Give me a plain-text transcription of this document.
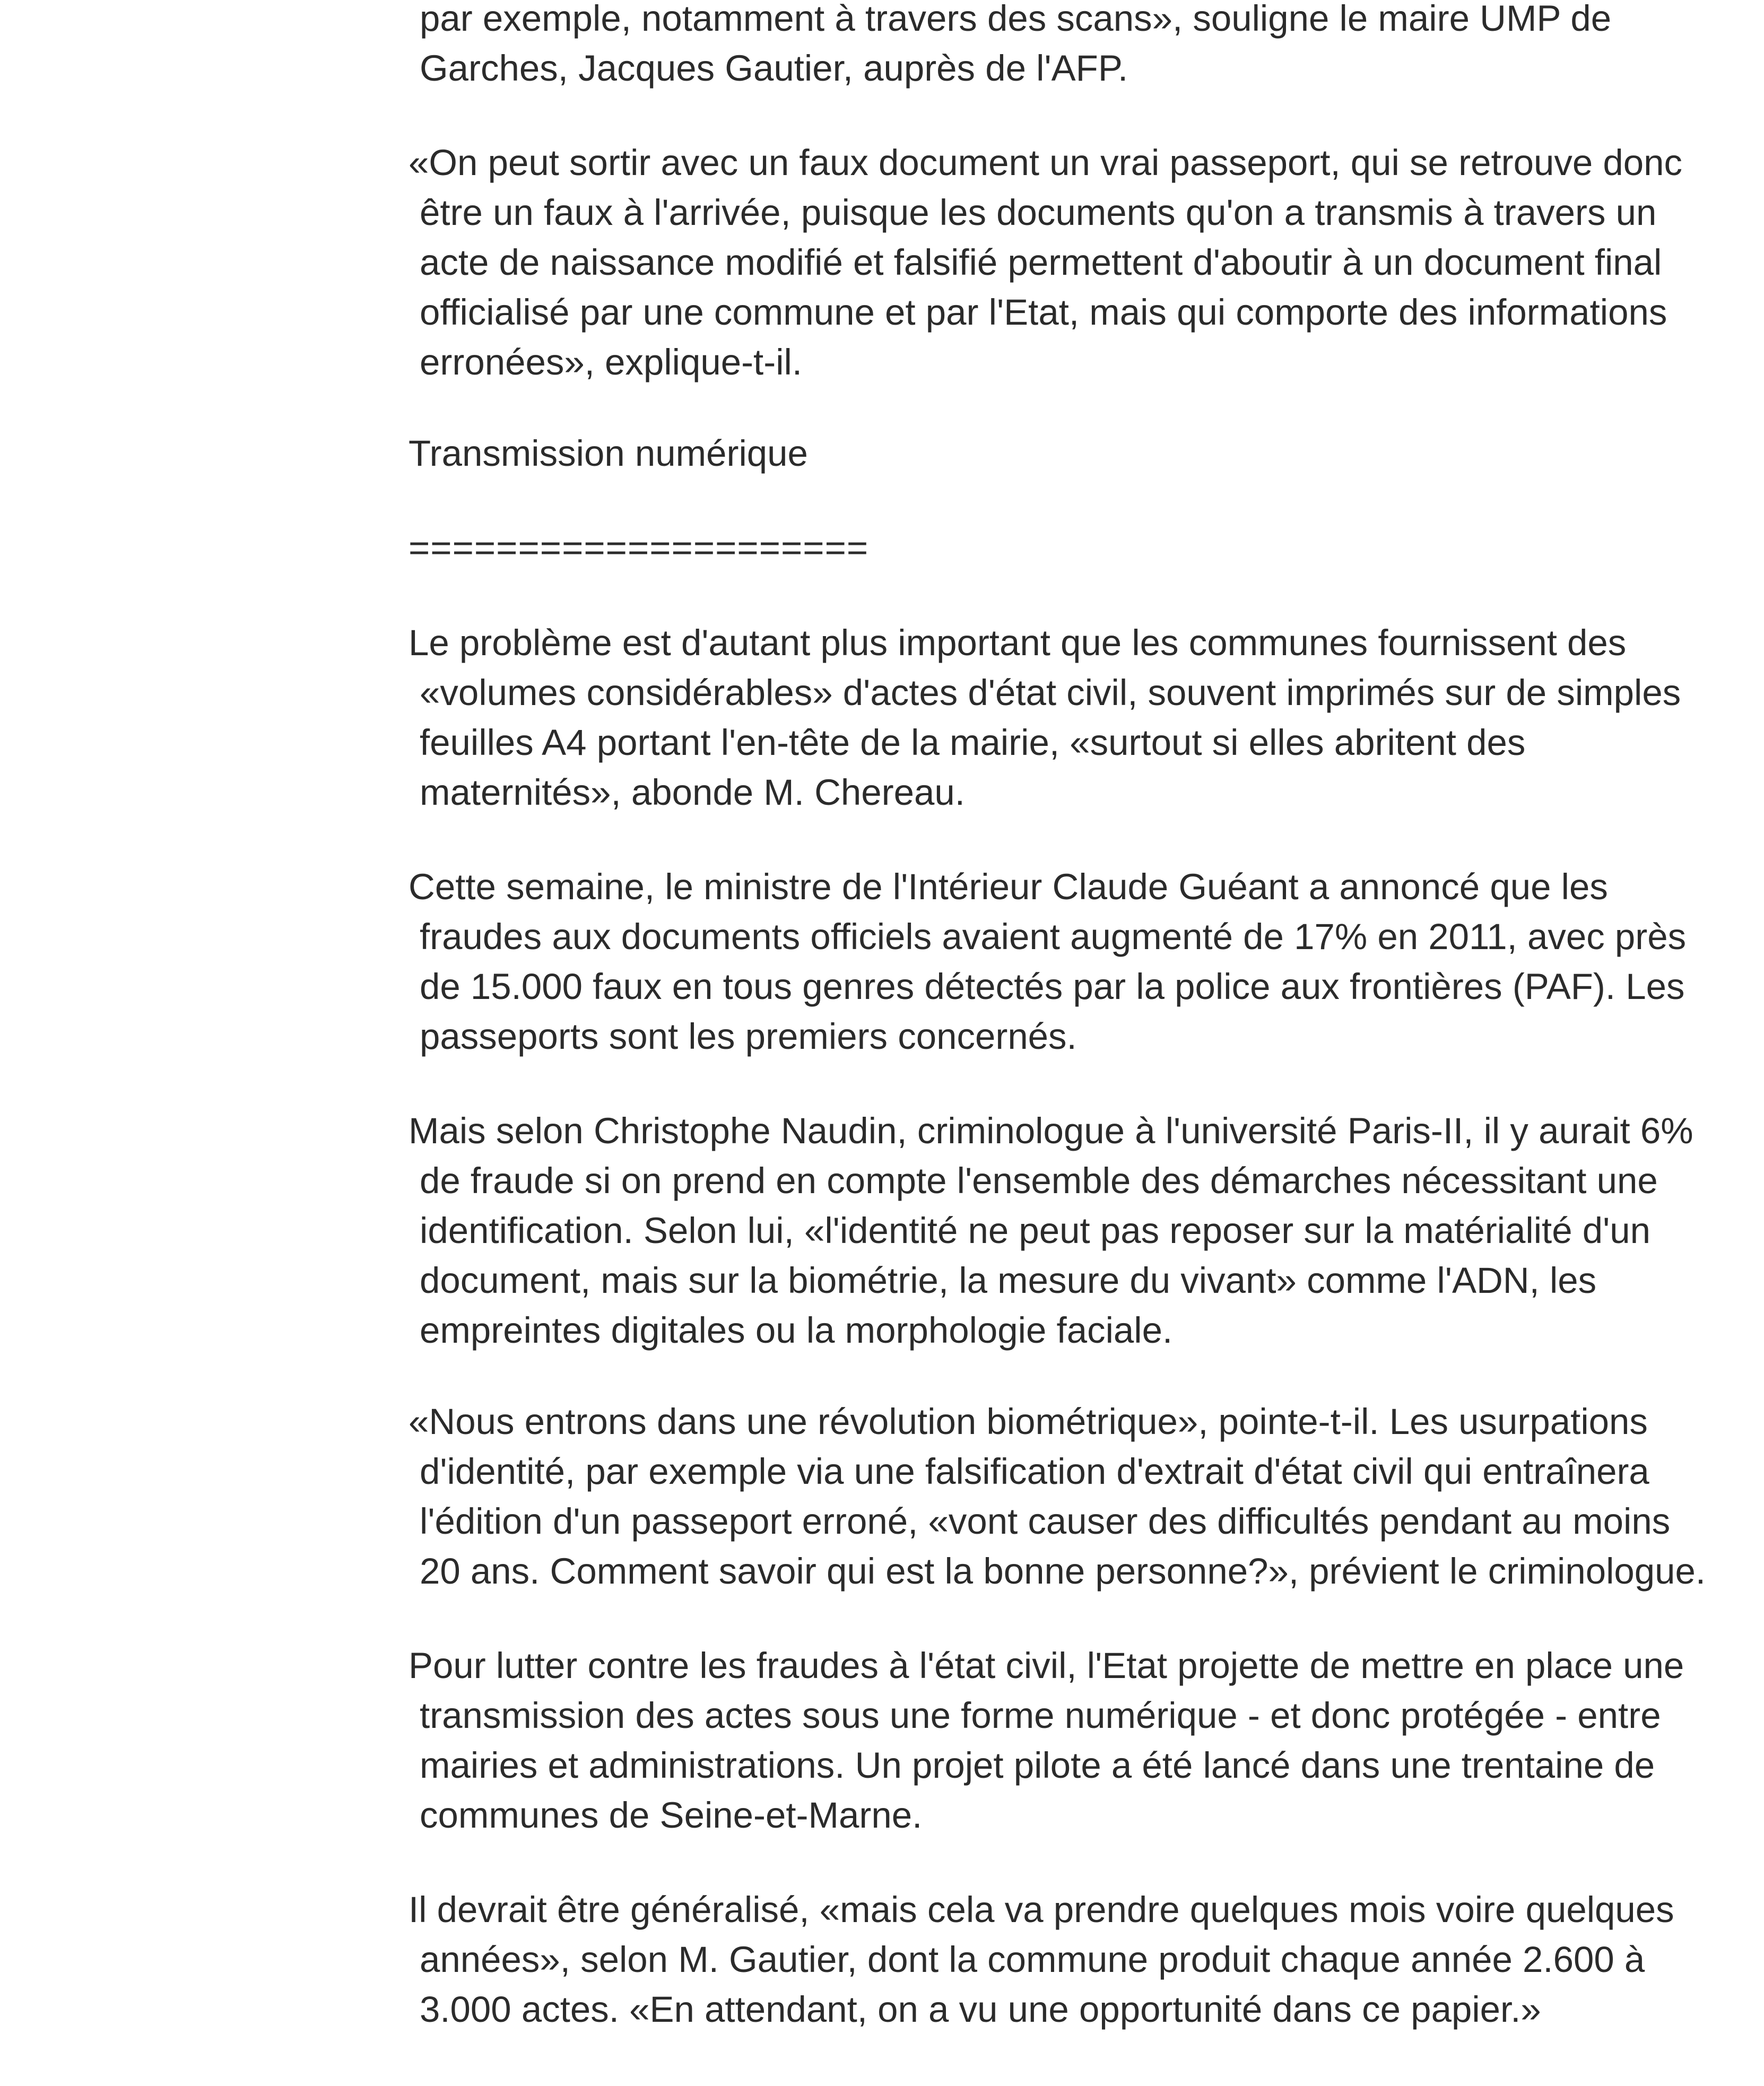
par exemple, notamment à travers des scans», souligne le maire UMP de
Garches, Jacques Gautier, auprès de l'AFP.
«On peut sortir avec un faux document un vrai passeport, qui se retrouve donc
être un faux à l'arrivée, puisque les documents qu'on a transmis à travers un
acte de naissance modifié et falsifié permettent d'aboutir à un document final
officialisé par une commune et par l'Etat, mais qui comporte des informations
erronées», explique-t-il.
Transmission numérique
=====================
Le problème est d'autant plus important que les communes fournissent des
«volumes considérables» d'actes d'état civil, souvent imprimés sur de simples
feuilles A4 portant l'en-tête de la mairie, «surtout si elles abritent des
maternités», abonde M. Chereau.
Cette semaine, le ministre de l'Intérieur Claude Guéant a annoncé que les
fraudes aux documents officiels avaient augmenté de 17% en 2011, avec près
de 15.000 faux en tous genres détectés par la police aux frontières (PAF). Les
passeports sont les premiers concernés.
Mais selon Christophe Naudin, criminologue à l'université Paris-II, il y aurait 6%
de fraude si on prend en compte l'ensemble des démarches nécessitant une
identification. Selon lui, «l'identité ne peut pas reposer sur la matérialité d'un
document, mais sur la biométrie, la mesure du vivant» comme l'ADN, les
empreintes digitales ou la morphologie faciale.
«Nous entrons dans une révolution biométrique», pointe-t-il. Les usurpations
d'identité, par exemple via une falsification d'extrait d'état civil qui entraînera
l'édition d'un passeport erroné, «vont causer des difficultés pendant au moins
20 ans. Comment savoir qui est la bonne personne?», prévient le criminologue.
Pour lutter contre les fraudes à l'état civil, l'Etat projette de mettre en place une
transmission des actes sous une forme numérique - et donc protégée - entre
mairies et administrations. Un projet pilote a été lancé dans une trentaine de
communes de Seine-et-Marne.
Il devrait être généralisé, «mais cela va prendre quelques mois voire quelques
années», selon M. Gautier, dont la commune produit chaque année 2.600 à
3.000 actes. «En attendant, on a vu une opportunité dans ce papier.»
